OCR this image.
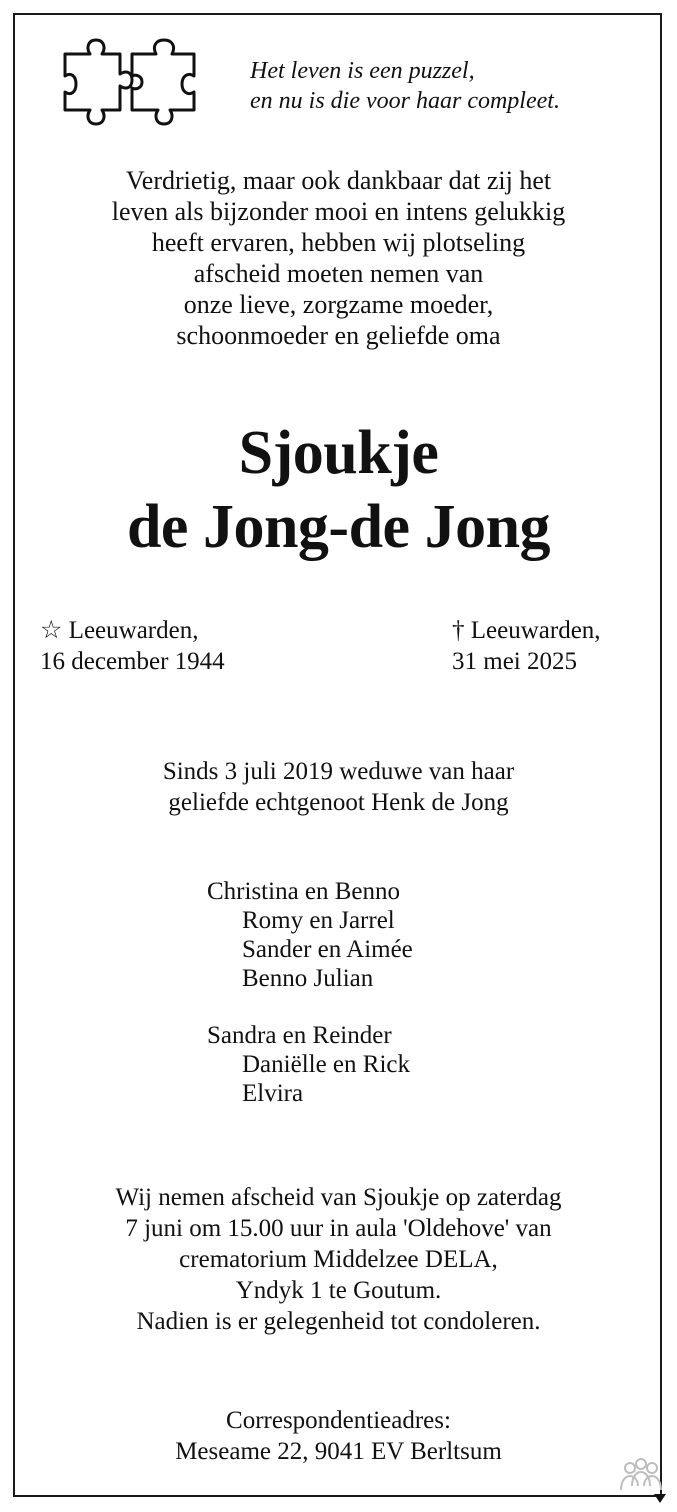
Het leven is een puzzel,
en nu is die voor haar compleet.
Verdrietig, maar ook dankbaar dat zij het
leven als bijzonder mooi en intens gelukkig
heeft ervaren, hebben wij plotseling
afscheid moeten nemen van
onze lieve, zorgzame moeder,
schoonmoeder en geliefde oma
Sjoukje
de Jong-de Jong
☆ Leeuwarden,
16 december 1944
† Leeuwarden,
31 mei 2025
Sinds 3 juli 2019 weduwe van haar
geliefde echtgenoot Henk de Jong
Christina en Benno
Romy en Jarrel
Sander en Aimée
Benno Julian
Sandra en Reinder
Daniëlle en Rick
Elvira
Wij nemen afscheid van Sjoukje op zaterdag
7 juni om 15.00 uur in aula 'Oldehove' van
crematorium Middelzee DELA,
Yndyk 1 te Goutum.
Nadien is er gelegenheid tot condoleren.
Correspondentieadres:
Meseame 22, 9041 EV Berltsum
